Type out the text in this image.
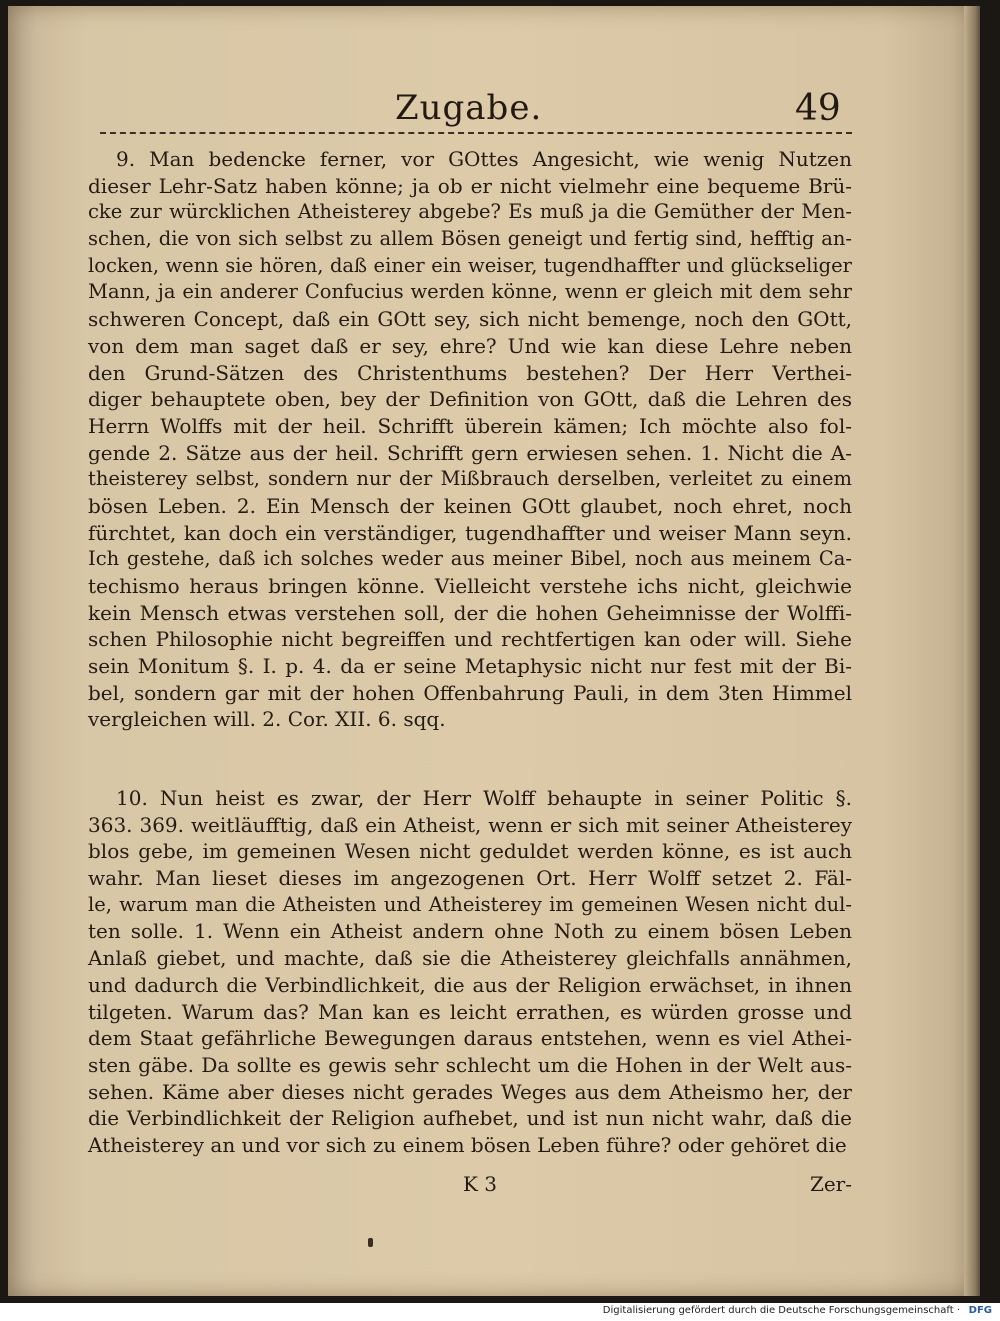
Zugabe.	49
9. Man bedencke ferner, vor GOttes Angesicht, wie wenig Nutzen
dieser Lehr-Satz haben könne; ja ob er nicht vielmehr eine bequeme Brü-
cke zur würcklichen Atheisterey abgebe? Es muß ja die Gemüther der Men-
schen, die von sich selbst zu allem Bösen geneigt und fertig sind, hefftig an-
locken, wenn sie hören, daß einer ein weiser, tugendhaffter und glückseliger
Mann, ja ein anderer Confucius werden könne, wenn er gleich mit dem sehr
schweren Concept, daß ein GOtt sey, sich nicht bemenge, noch den GOtt,
von dem man saget daß er sey, ehre? Und wie kan diese Lehre neben
den Grund-Sätzen des Christenthums bestehen? Der Herr Verthei-
diger behauptete oben, bey der Definition von GOtt, daß die Lehren des
Herrn Wolffs mit der heil. Schrifft überein kämen; Ich möchte also fol-
gende 2. Sätze aus der heil. Schrifft gern erwiesen sehen. 1. Nicht die A-
theisterey selbst, sondern nur der Mißbrauch derselben, verleitet zu einem
bösen Leben. 2. Ein Mensch der keinen GOtt glaubet, noch ehret, noch
fürchtet, kan doch ein verständiger, tugendhaffter und weiser Mann seyn.
Ich gestehe, daß ich solches weder aus meiner Bibel, noch aus meinem Ca-
techismo heraus bringen könne. Vielleicht verstehe ichs nicht, gleichwie
kein Mensch etwas verstehen soll, der die hohen Geheimnisse der Wolffi-
schen Philosophie nicht begreiffen und rechtfertigen kan oder will. Siehe
sein Monitum §. I. p. 4. da er seine Metaphysic nicht nur fest mit der Bi-
bel, sondern gar mit der hohen Offenbahrung Pauli, in dem 3ten Himmel
vergleichen will. 2. Cor. XII. 6. sqq.
10. Nun heist es zwar, der Herr Wolff behaupte in seiner Politic §.
363. 369. weitläufftig, daß ein Atheist, wenn er sich mit seiner Atheisterey
blos gebe, im gemeinen Wesen nicht geduldet werden könne, es ist auch
wahr. Man lieset dieses im angezogenen Ort. Herr Wolff setzet 2. Fäl-
le, warum man die Atheisten und Atheisterey im gemeinen Wesen nicht dul-
ten solle. 1. Wenn ein Atheist andern ohne Noth zu einem bösen Leben
Anlaß giebet, und machte, daß sie die Atheisterey gleichfalls annähmen,
und dadurch die Verbindlichkeit, die aus der Religion erwächset, in ihnen
tilgeten. Warum das? Man kan es leicht errathen, es würden grosse und
dem Staat gefährliche Bewegungen daraus entstehen, wenn es viel Athei-
sten gäbe. Da sollte es gewis sehr schlecht um die Hohen in der Welt aus-
sehen. Käme aber dieses nicht gerades Weges aus dem Atheismo her, der
die Verbindlichkeit der Religion aufhebet, und ist nun nicht wahr, daß die
Atheisterey an und vor sich zu einem bösen Leben führe? oder gehöret die
K 3	Zer-
Digitalisierung gefördert durch die Deutsche Forschungsgemeinschaft · DFG
